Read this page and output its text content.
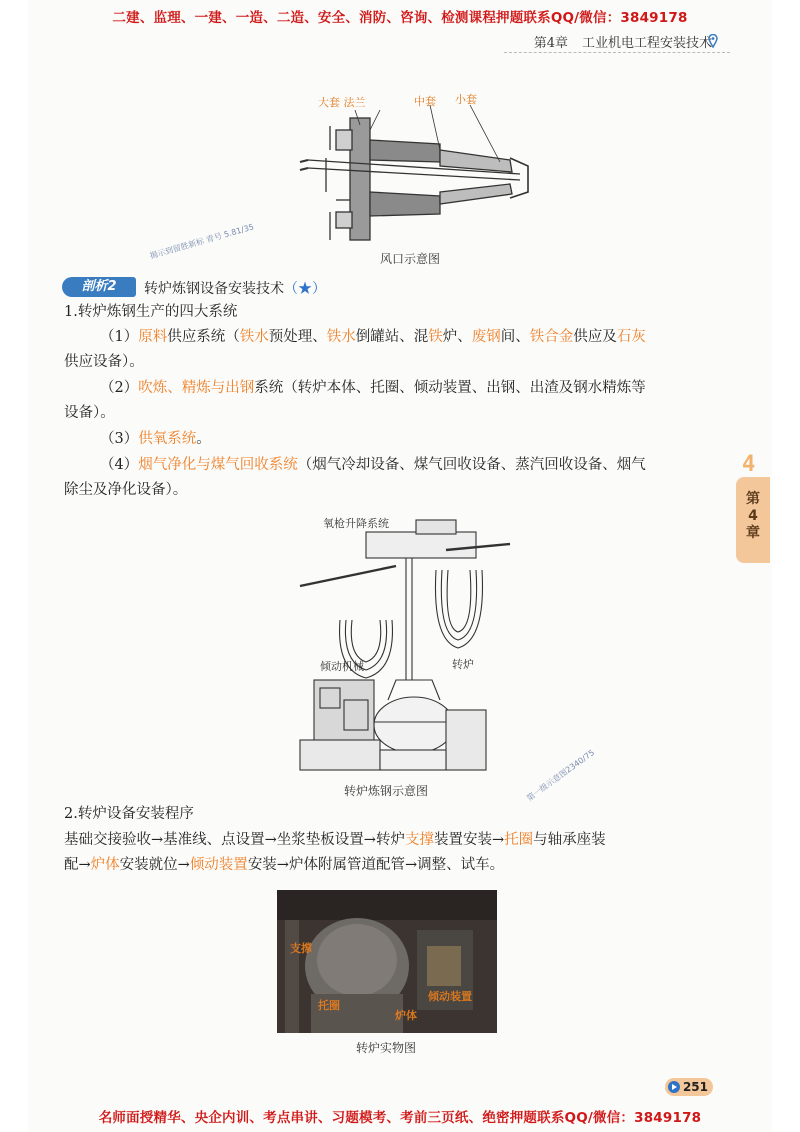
二建、监理、一建、一造、二造、安全、消防、咨询、检测课程押题联系QQ/微信：3849178
第4章 工业机电工程安装技术
大套 法兰	中套 小套
揭示到留胜新标 青号 5.81/35	风口示意图
剖析2	转炉炼钢设备安装技术（★）
1.转炉炼钢生产的四大系统
（1）原料供应系统（铁水预处理、铁水倒罐站、混铁炉、废钢间、铁合金供应及石灰
供应设备）。
（2）吹炼、精炼与出钢系统（转炉本体、托圈、倾动装置、出钢、出渣及钢水精炼等
设备）。
（3）供氧系统。
（4）烟气净化与煤气回收系统（烟气冷却设备、煤气回收设备、蒸汽回收设备、烟气
除尘及净化设备）。
氧枪升降系统
倾动机械	转炉
第一级示意图2340/75
转炉炼钢示意图
2.转炉设备安装程序
基础交接验收→基准线、点设置→坐浆垫板设置→转炉支撑装置安装→托圈与轴承座装
配→炉体安装就位→倾动装置安装→炉体附属管道配管→调整、试车。
支撑
托圈
倾动装置
炉体
转炉实物图
4
第
4
章
251
名师面授精华、央企内训、考点串讲、习题模考、考前三页纸、绝密押题联系QQ/微信：3849178
